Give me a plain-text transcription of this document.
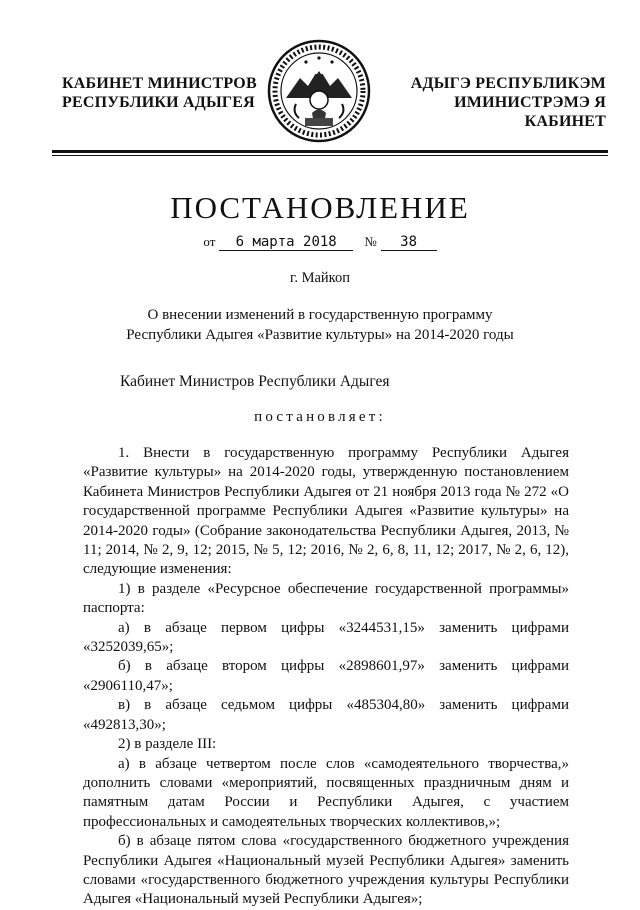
КАБИНЕТ МИНИСТРОВ
РЕСПУБЛИКИ АДЫГЕЯ
АДЫГЭ РЕСПУБЛИКЭМ
ИМИНИСТРЭМЭ Я КАБИНЕТ
ПОСТАНОВЛЕНИЕ
от 6 марта 2018 № 38
г. Майкоп
О внесении изменений в государственную программу
Республики Адыгея «Развитие культуры» на 2014-2020 годы
Кабинет Министров Республики Адыгея
постановляет:

1. Внести в государственную программу Республики Адыгея «Развитие культуры» на 2014-2020 годы, утвержденную постановлением Кабинета Министров Республики Адыгея от 21 ноября 2013 года № 272 «О государственной программе Республики Адыгея «Развитие культуры» на 2014-2020 годы» (Собрание законодательства Республики Адыгея, 2013, № 11; 2014, № 2, 9, 12; 2015, № 5, 12; 2016, № 2, 6, 8, 11, 12; 2017, № 2, 6, 12), следующие изменения:

1) в разделе «Ресурсное обеспечение государственной программы» паспорта:

а) в абзаце первом цифры «3244531,15» заменить цифрами «3252039,65»;

б) в абзаце втором цифры «2898601,97» заменить цифрами «2906110,47»;

в) в абзаце седьмом цифры «485304,80» заменить цифрами «492813,30»;

2) в разделе III:

а) в абзаце четвертом после слов «самодеятельного творчества,» дополнить словами «мероприятий, посвященных праздничным дням и памятным датам России и Республики Адыгея, с участием профессиональных и самодеятельных творческих коллективов,»;

б) в абзаце пятом слова «государственного бюджетного учреждения Республики Адыгея «Национальный музей Республики Адыгея» заменить словами «государственного бюджетного учреждения культуры Республики Адыгея «Национальный музей Республики Адыгея»;
